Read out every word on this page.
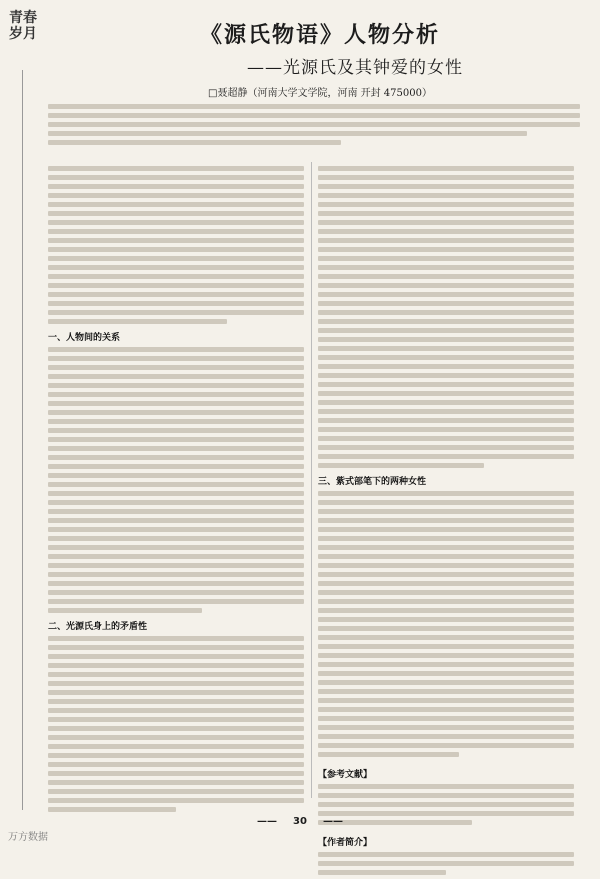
青春岁月	《源氏物语》人物分析
——光源氏及其钟爱的女性
□聂超静（河南大学文学院，河南 开封 475000）
一、人物间的关系
二、光源氏身上的矛盾性
三、紫式部笔下的两种女性
【参考文献】
【作者简介】
—— 30 ——
万方数据
